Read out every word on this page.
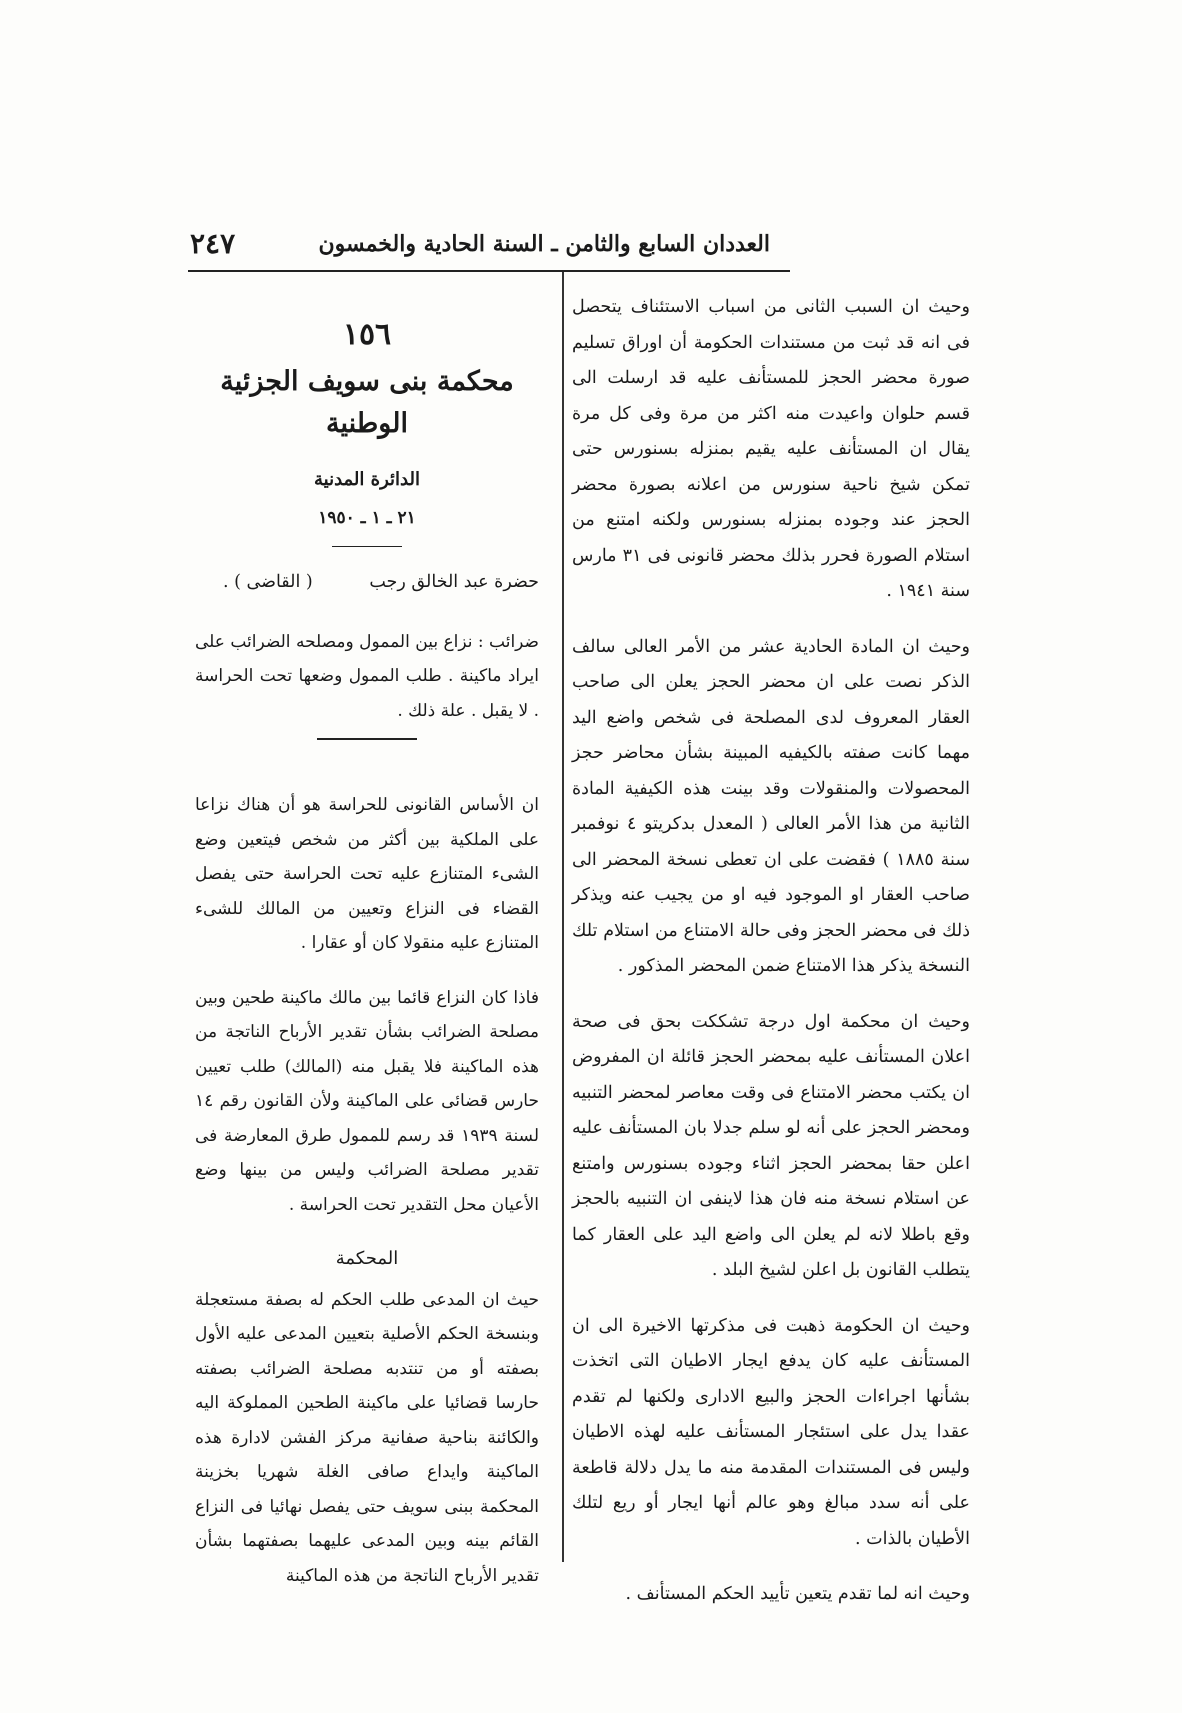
العددان السابع والثامن ـ السنة الحادية والخمسون
٢٤٧

وحيث ان السبب الثانى من اسباب الاستئناف يتحصل فى انه قد ثبت من مستندات الحكومة أن اوراق تسليم صورة محضر الحجز للمستأنف عليه قد ارسلت الى قسم حلوان واعيدت منه اكثر من مرة وفى كل مرة يقال ان المستأنف عليه يقيم بمنزله بسنورس حتى تمكن شيخ ناحية سنورس من اعلانه بصورة محضر الحجز عند وجوده بمنزله بسنورس ولكنه امتنع من استلام الصورة فحرر بذلك محضر قانونى فى ٣١ مارس سنة ١٩٤١ .

وحيث ان المادة الحادية عشر من الأمر العالى سالف الذكر نصت على ان محضر الحجز يعلن الى صاحب العقار المعروف لدى المصلحة فى شخص واضع اليد مهما كانت صفته بالكيفيه المبينة بشأن محاضر حجز المحصولات والمنقولات وقد بينت هذه الكيفية المادة الثانية من هذا الأمر العالى ( المعدل بدكريتو ٤ نوفمبر سنة ١٨٨٥ ) فقضت على ان تعطى نسخة المحضر الى صاحب العقار او الموجود فيه او من يجيب عنه ويذكر ذلك فى محضر الحجز وفى حالة الامتناع من استلام تلك النسخة يذكر هذا الامتناع ضمن المحضر المذكور .

وحيث ان محكمة اول درجة تشككت بحق فى صحة اعلان المستأنف عليه بمحضر الحجز قائلة ان المفروض ان يكتب محضر الامتناع فى وقت معاصر لمحضر التنبيه ومحضر الحجز على أنه لو سلم جدلا بان المستأنف عليه اعلن حقا بمحضر الحجز اثناء وجوده بسنورس وامتنع عن استلام نسخة منه فان هذا لاينفى ان التنبيه بالحجز وقع باطلا لانه لم يعلن الى واضع اليد على العقار كما يتطلب القانون بل اعلن لشيخ البلد .

وحيث ان الحكومة ذهبت فى مذكرتها الاخيرة الى ان المستأنف عليه كان يدفع ايجار الاطيان التى اتخذت بشأنها اجراءات الحجز والبيع الادارى ولكنها لم تقدم عقدا يدل على استئجار المستأنف عليه لهذه الاطيان وليس فى المستندات المقدمة منه ما يدل دلالة قاطعة على أنه سدد مبالغ وهو عالم أنها ايجار أو ريع لتلك الأطيان بالذات .

وحيث انه لما تقدم يتعين تأييد الحكم المستأنف .

١٥٦
محكمة بنى سويف الجزئية الوطنية
الدائرة المدنية
٢١ ـ ١ ـ ١٩٥٠
حضرة عبد الخالق رجب
( القاضى ) .

ضرائب : نزاع بين الممول ومصلحه الضرائب على ايراد ماكينة . طلب الممول وضعها تحت الحراسة . لا يقبل . علة ذلك .

ان الأساس القانونى للحراسة هو أن هناك نزاعا على الملكية بين أكثر من شخص فيتعين وضع الشىء المتنازع عليه تحت الحراسة حتى يفصل القضاء فى النزاع وتعيين من المالك للشىء المتنازع عليه منقولا كان أو عقارا .

فاذا كان النزاع قائما بين مالك ماكينة طحين وبين مصلحة الضرائب بشأن تقدير الأرباح الناتجة من هذه الماكينة فلا يقبل منه (المالك) طلب تعيين حارس قضائى على الماكينة ولأن القانون رقم ١٤ لسنة ١٩٣٩ قد رسم للممول طرق المعارضة فى تقدير مصلحة الضرائب وليس من بينها وضع الأعيان محل التقدير تحت الحراسة .

المحكمة

حيث ان المدعى طلب الحكم له بصفة مستعجلة وبنسخة الحكم الأصلية بتعيين المدعى عليه الأول بصفته أو من تنتدبه مصلحة الضرائب بصفته حارسا قضائيا على ماكينة الطحين المملوكة اليه والكائنة بناحية صفانية مركز الفشن لادارة هذه الماكينة وايداع صافى الغلة شهريا بخزينة المحكمة ببنى سويف حتى يفصل نهائيا فى النزاع القائم بينه وبين المدعى عليهما بصفتهما بشأن تقدير الأرباح الناتجة من هذه الماكينة
